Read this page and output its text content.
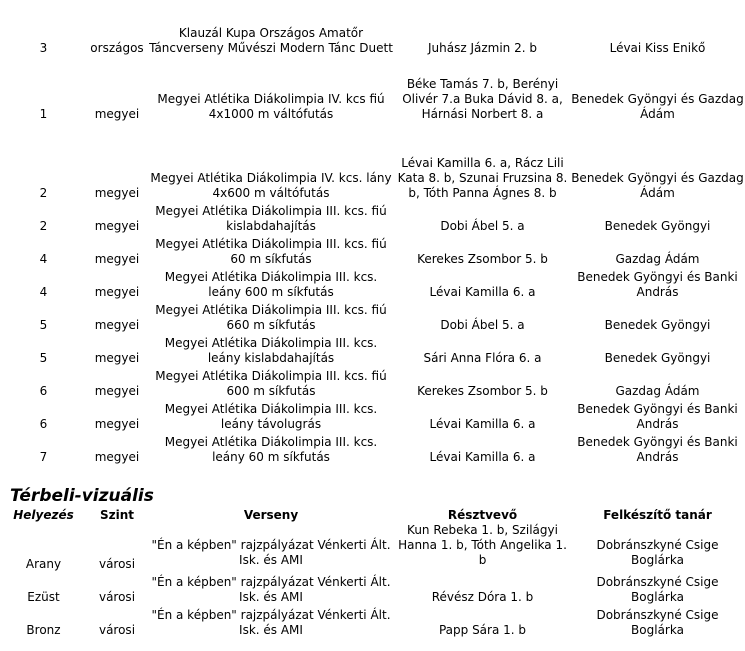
3	országos	Klauzál Kupa Országos Amatőr Táncverseny Művészi Modern Tánc Duett	Juhász Jázmin 2. b	Lévai Kiss Enikő
1	megyei	Megyei Atlétika Diákolimpia IV. kcs fiú 4x1000 m váltófutás	Béke Tamás 7. b, Berényi Olivér 7.a Buka Dávid 8. a, Hárnási Norbert 8. a	Benedek Gyöngyi és Gazdag Ádám
2	megyei	Megyei Atlétika Diákolimpia IV. kcs. lány 4x600 m váltófutás	Lévai Kamilla 6. a, Rácz Lili Kata 8. b, Szunai Fruzsina 8. b, Tóth Panna Ágnes 8. b	Benedek Gyöngyi és Gazdag Ádám
2	megyei	Megyei Atlétika Diákolimpia III. kcs. fiú kislabdahajítás	Dobi Ábel 5. a	Benedek Gyöngyi
4	megyei	Megyei Atlétika Diákolimpia III. kcs. fiú 60 m síkfutás	Kerekes Zsombor 5. b	Gazdag Ádám
4	megyei	Megyei Atlétika Diákolimpia III. kcs. leány 600 m síkfutás	Lévai Kamilla 6. a	Benedek Gyöngyi és Banki András
5	megyei	Megyei Atlétika Diákolimpia III. kcs. fiú 660 m síkfutás	Dobi Ábel 5. a	Benedek Gyöngyi
5	megyei	Megyei Atlétika Diákolimpia III. kcs. leány kislabdahajítás	Sári Anna Flóra 6. a	Benedek Gyöngyi
6	megyei	Megyei Atlétika Diákolimpia III. kcs. fiú 600 m síkfutás	Kerekes Zsombor 5. b	Gazdag Ádám
6	megyei	Megyei Atlétika Diákolimpia III. kcs. leány távolugrás	Lévai Kamilla 6. a	Benedek Gyöngyi és Banki András
7	megyei	Megyei Atlétika Diákolimpia III. kcs. leány 60 m síkfutás	Lévai Kamilla 6. a	Benedek Gyöngyi és Banki András
Térbeli-vizuális
Helyezés	Szint	Verseny	Résztvevő	Felkészítő tanár
Arany	városi	"Én a képben" rajzpályázat Vénkerti Ált. Isk. és AMI	Kun Rebeka 1. b, Szilágyi Hanna 1. b, Tóth Angelika 1. b	Dobránszkyné Csige Boglárka
Ezüst	városi	"Én a képben" rajzpályázat Vénkerti Ált. Isk. és AMI	Révész Dóra 1. b	Dobránszkyné Csige Boglárka
Bronz	városi	"Én a képben" rajzpályázat Vénkerti Ált. Isk. és AMI	Papp Sára 1. b	Dobránszkyné Csige Boglárka
